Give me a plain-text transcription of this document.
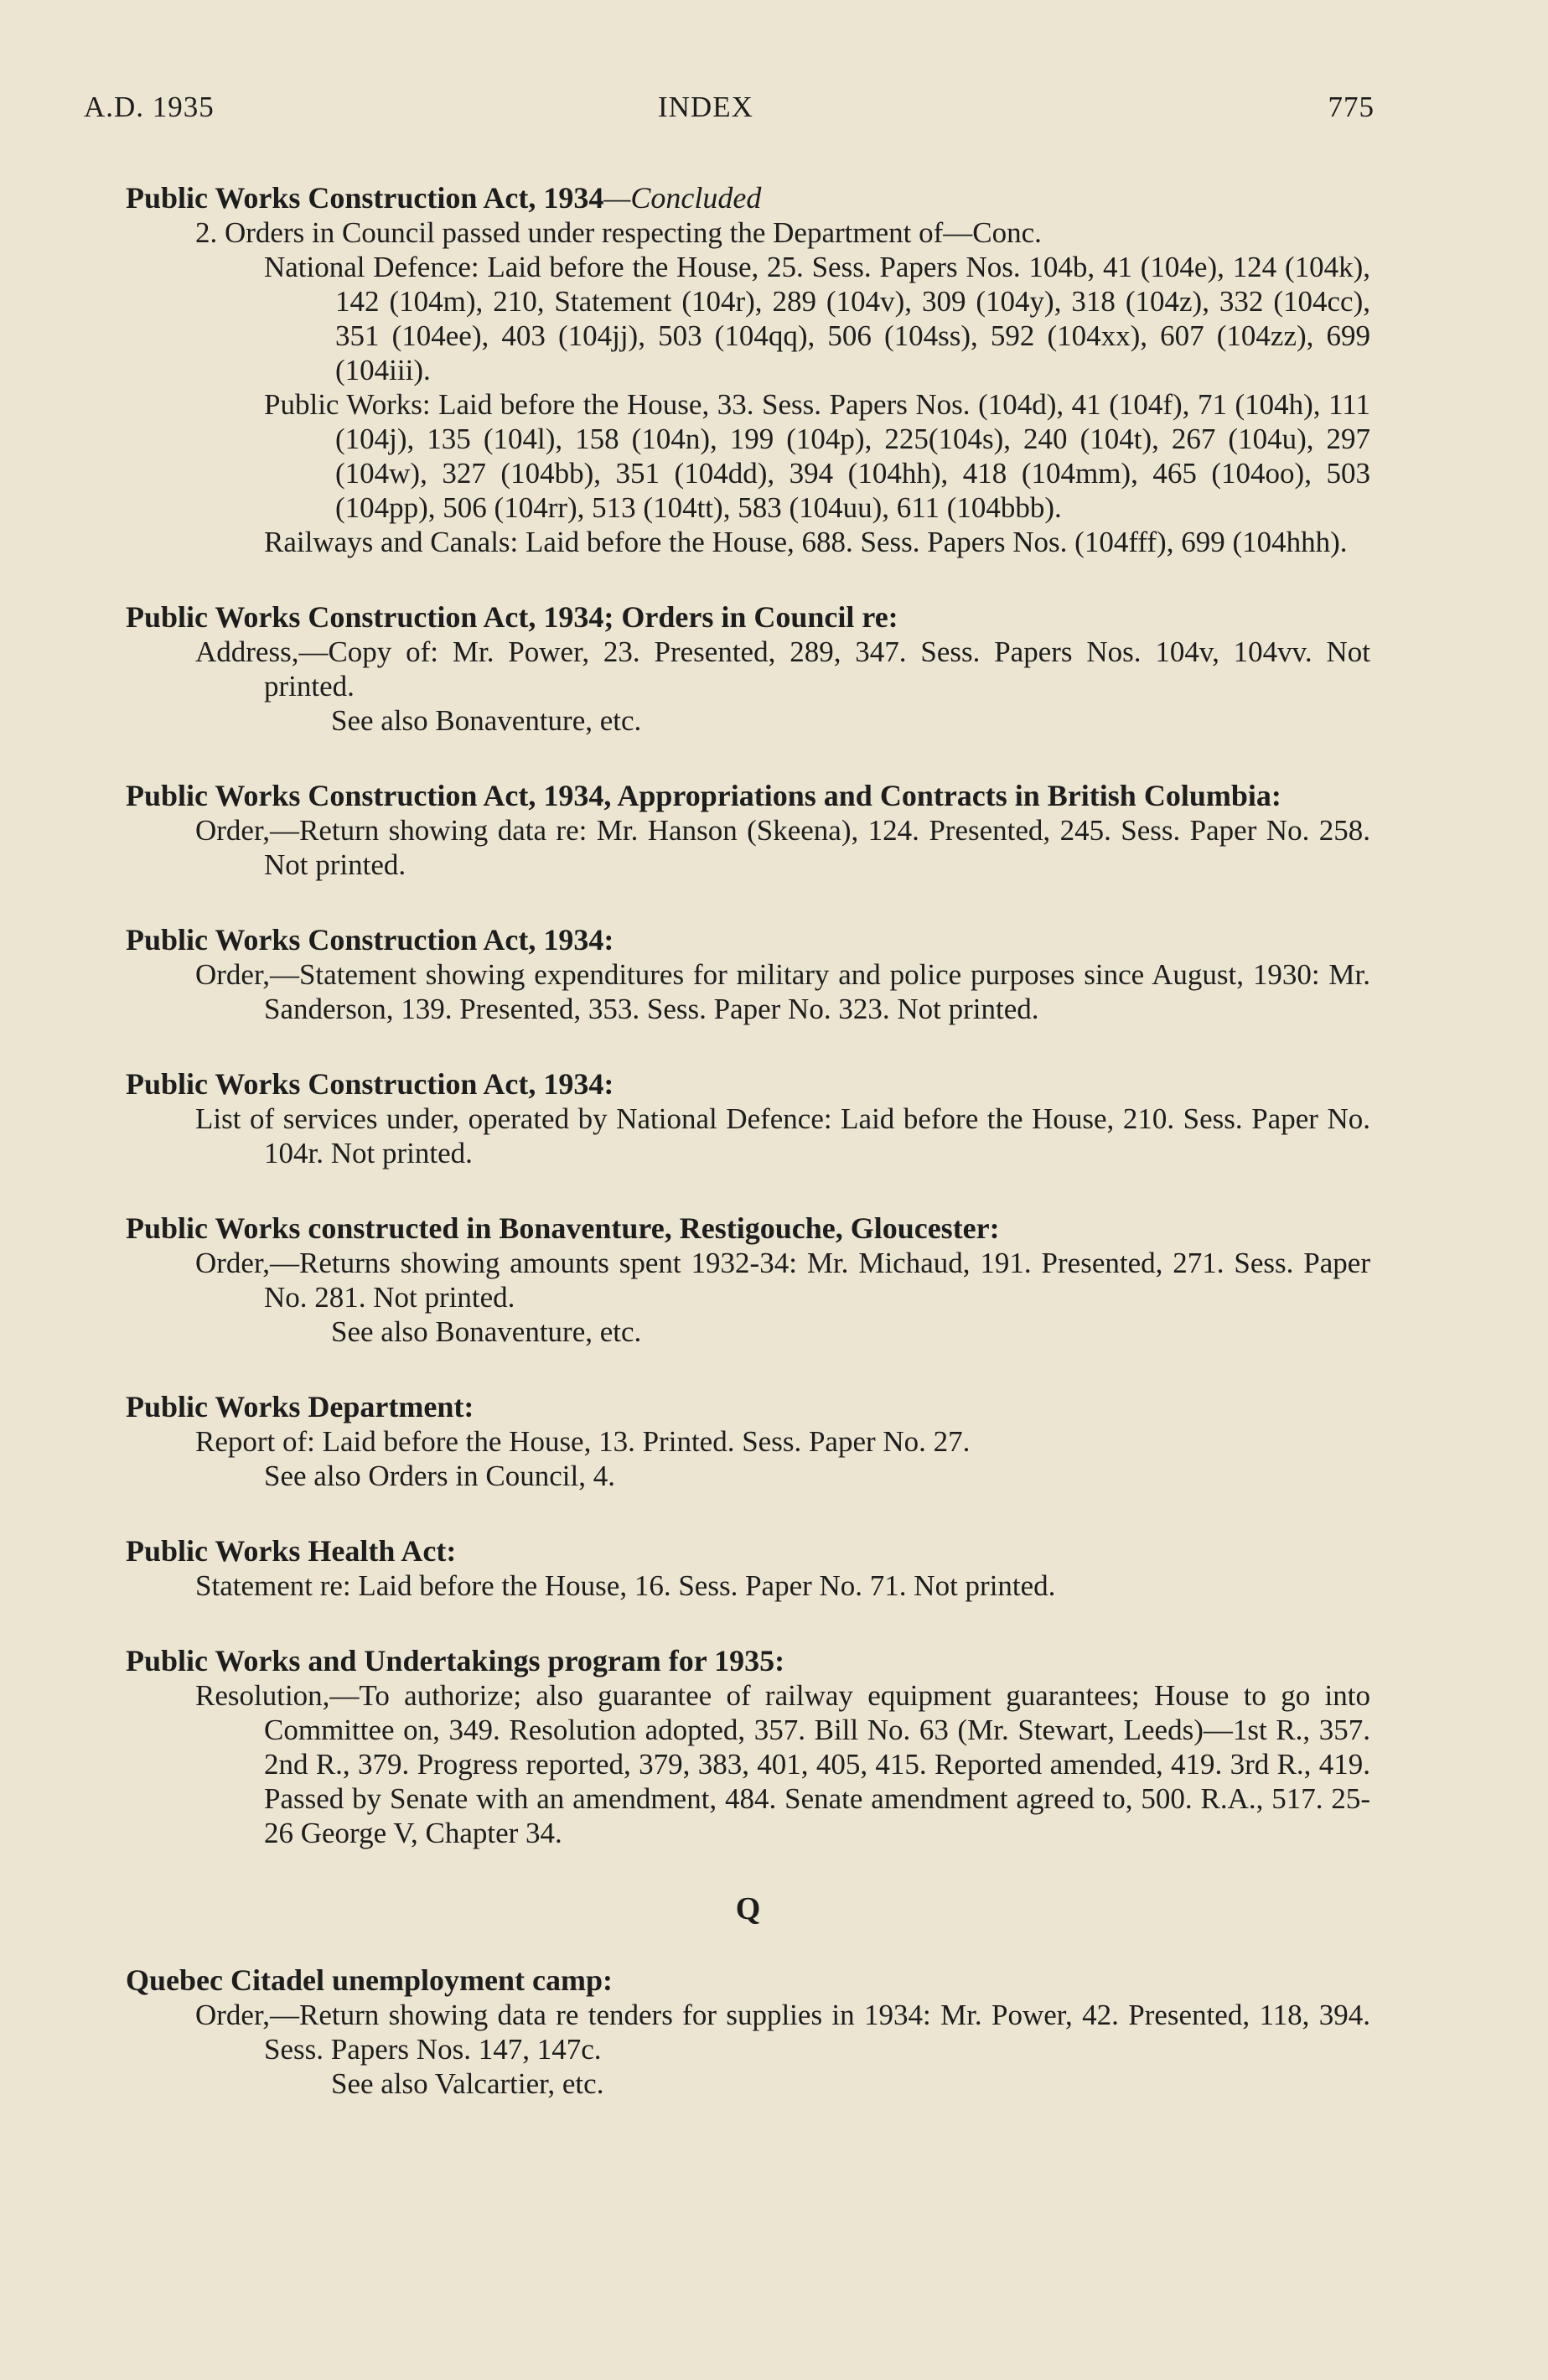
A.D. 1935	INDEX	775
Public Works Construction Act, 1934—Concluded
2. Orders in Council passed under respecting the Department of—Conc.
National Defence: Laid before the House, 25. Sess. Papers Nos. 104b, 41 (104e), 124 (104k), 142 (104m), 210, Statement (104r), 289 (104v), 309 (104y), 318 (104z), 332 (104cc), 351 (104ee), 403 (104jj), 503 (104qq), 506 (104ss), 592 (104xx), 607 (104zz), 699 (104iii).
Public Works: Laid before the House, 33. Sess. Papers Nos. (104d), 41 (104f), 71 (104h), 111 (104j), 135 (104l), 158 (104n), 199 (104p), 225(104s), 240 (104t), 267 (104u), 297 (104w), 327 (104bb), 351 (104dd), 394 (104hh), 418 (104mm), 465 (104oo), 503 (104pp), 506 (104rr), 513 (104tt), 583 (104uu), 611 (104bbb).
Railways and Canals: Laid before the House, 688. Sess. Papers Nos. (104fff), 699 (104hhh).
Public Works Construction Act, 1934; Orders in Council re:
Address,—Copy of: Mr. Power, 23. Presented, 289, 347. Sess. Papers Nos. 104v, 104vv. Not printed.
See also Bonaventure, etc.
Public Works Construction Act, 1934, Appropriations and Contracts in British Columbia:
Order,—Return showing data re: Mr. Hanson (Skeena), 124. Presented, 245. Sess. Paper No. 258. Not printed.
Public Works Construction Act, 1934:
Order,—Statement showing expenditures for military and police purposes since August, 1930: Mr. Sanderson, 139. Presented, 353. Sess. Paper No. 323. Not printed.
Public Works Construction Act, 1934:
List of services under, operated by National Defence: Laid before the House, 210. Sess. Paper No. 104r. Not printed.
Public Works constructed in Bonaventure, Restigouche, Gloucester:
Order,—Returns showing amounts spent 1932-34: Mr. Michaud, 191. Presented, 271. Sess. Paper No. 281. Not printed.
See also Bonaventure, etc.
Public Works Department:
Report of: Laid before the House, 13. Printed. Sess. Paper No. 27.
See also Orders in Council, 4.
Public Works Health Act:
Statement re: Laid before the House, 16. Sess. Paper No. 71. Not printed.
Public Works and Undertakings program for 1935:
Resolution,—To authorize; also guarantee of railway equipment guarantees; House to go into Committee on, 349. Resolution adopted, 357. Bill No. 63 (Mr. Stewart, Leeds)—1st R., 357. 2nd R., 379. Progress reported, 379, 383, 401, 405, 415. Reported amended, 419. 3rd R., 419. Passed by Senate with an amendment, 484. Senate amendment agreed to, 500. R.A., 517. 25-26 George V, Chapter 34.
Q
Quebec Citadel unemployment camp:
Order,—Return showing data re tenders for supplies in 1934: Mr. Power, 42. Presented, 118, 394. Sess. Papers Nos. 147, 147c.
See also Valcartier, etc.
